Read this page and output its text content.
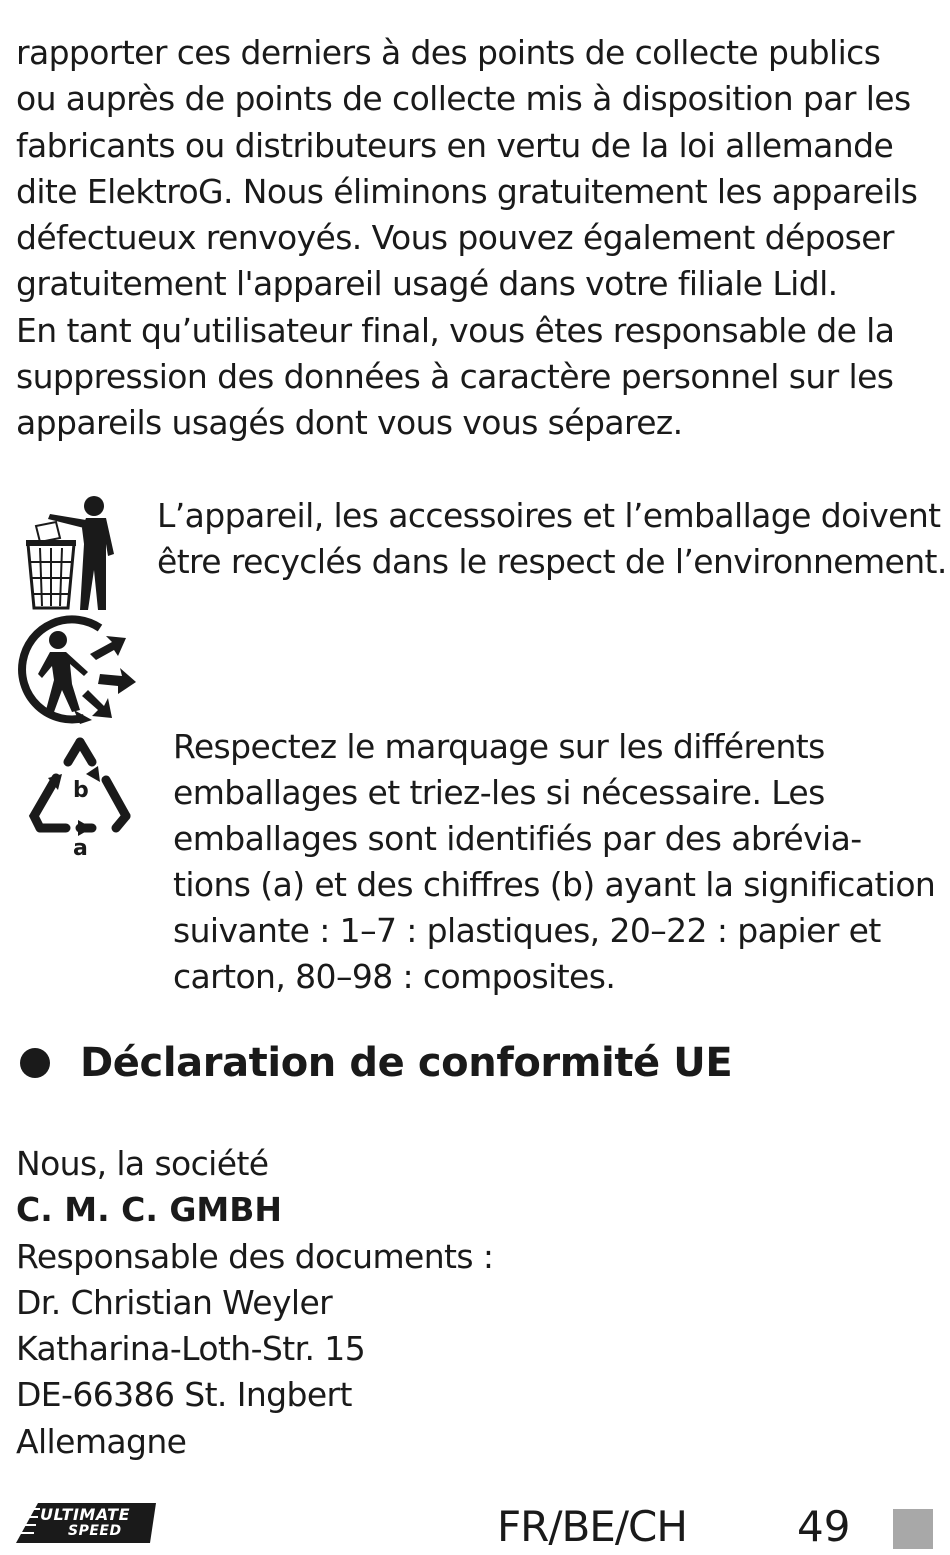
rapporter ces derniers à des points de collecte publics
ou auprès de points de collecte mis à disposition par les
fabricants ou distributeurs en vertu de la loi allemande
dite ElektroG. Nous éliminons gratuitement les appareils
défectueux renvoyés. Vous pouvez également déposer
gratuitement l'appareil usagé dans votre filiale Lidl.
En tant qu’utilisateur final, vous êtes responsable de la
suppression des données à caractère personnel sur les
appareils usagés dont vous vous séparez.
L’appareil, les accessoires et l’emballage doivent
être recyclés dans le respect de l’environnement.
b
a
Respectez le marquage sur les différents
emballages et triez-les si nécessaire. Les
emballages sont identifiés par des abrévia-
tions (a) et des chiffres (b) ayant la signification
suivante : 1–7 : plastiques, 20–22 : papier et
carton, 80–98 : composites.
Déclaration de conformité UE
Nous, la société
C. M. C. GMBH
Responsable des documents :
Dr. Christian Weyler
Katharina-Loth-Str. 15
DE-66386 St. Ingbert
Allemagne
ULTIMATE
SPEED	FR/BE/CH	49
